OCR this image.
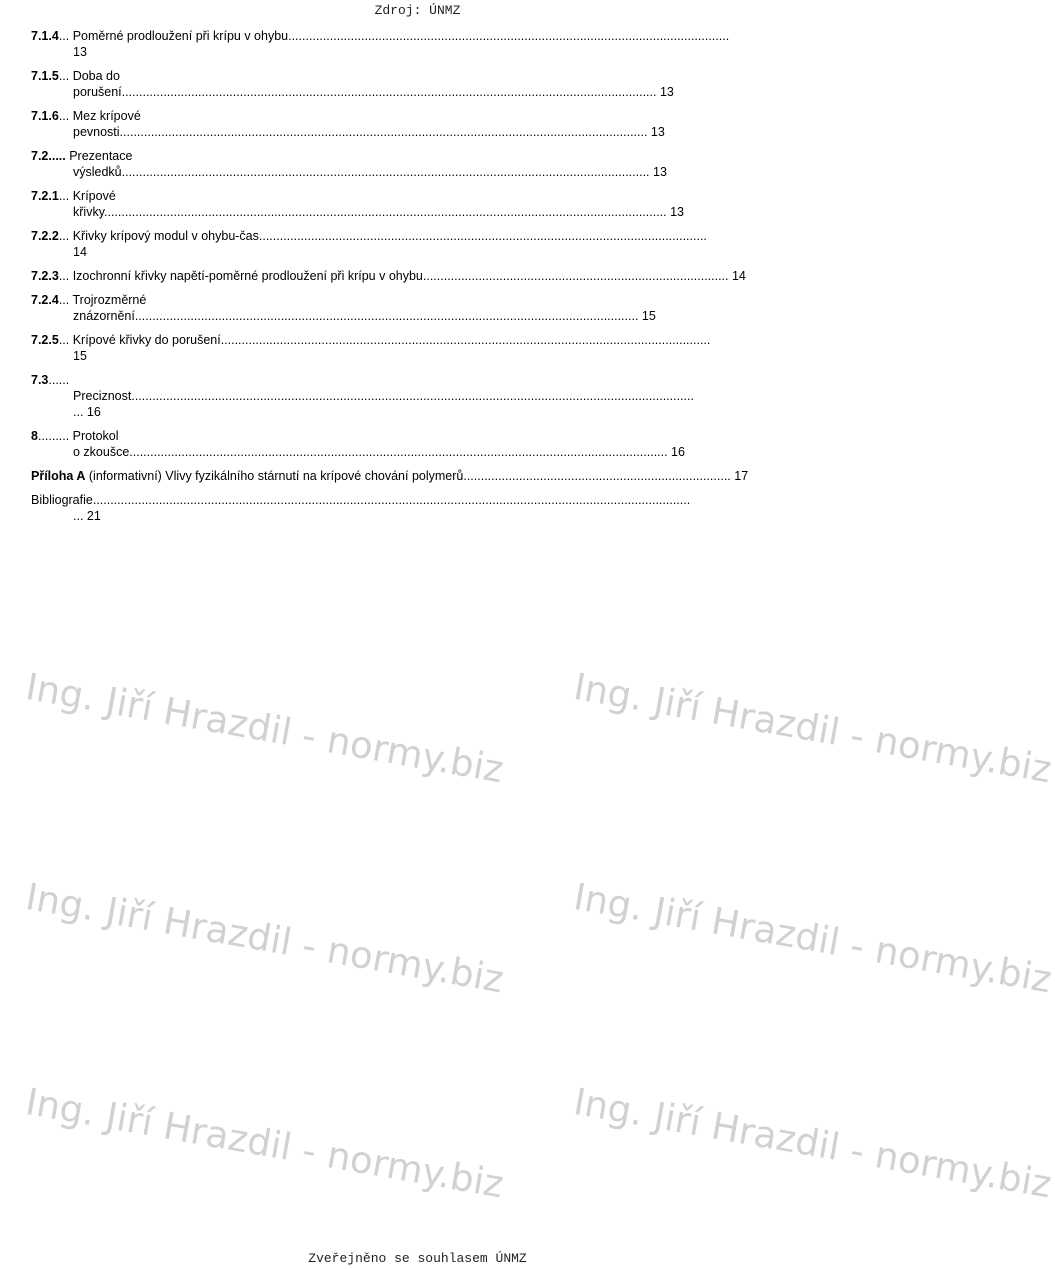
Zdroj: ÚNMZ
Ing. Jiří Hrazdil - normy.biz Ing. Jiří Hrazdil - normy.biz
Ing. Jiří Hrazdil - normy.biz Ing. Jiří Hrazdil - normy.biz
Ing. Jiří Hrazdil - normy.biz Ing. Jiří Hrazdil - normy.biz
7.1.4... Poměrné prodloužení při krípu v ohybu...............................................................................................................................
13
7.1.5... Doba do
porušení.......................................................................................................................................................... 13
7.1.6... Mez krípové
pevnosti........................................................................................................................................................ 13
7.2..... Prezentace
výsledků........................................................................................................................................................ 13
7.2.1... Krípové
křivky.................................................................................................................................................................. 13
7.2.2... Křivky krípový modul v ohybu-čas.................................................................................................................................
14
7.2.3... Izochronní křivky napětí-poměrné prodloužení při krípu v ohybu........................................................................................ 14
7.2.4... Trojrozměrné
znázornění................................................................................................................................................. 15
7.2.5... Krípové křivky do porušení.............................................................................................................................................
15
7.3......
Preciznost..................................................................................................................................................................
... 16
8......... Protokol
o zkoušce........................................................................................................................................................... 16
Příloha A (informativní) Vlivy fyzikálního stárnutí na krípové chování polymerů............................................................................. 17
Bibliografie............................................................................................................................................................................
... 21
Zveřejněno se souhlasem ÚNMZ
